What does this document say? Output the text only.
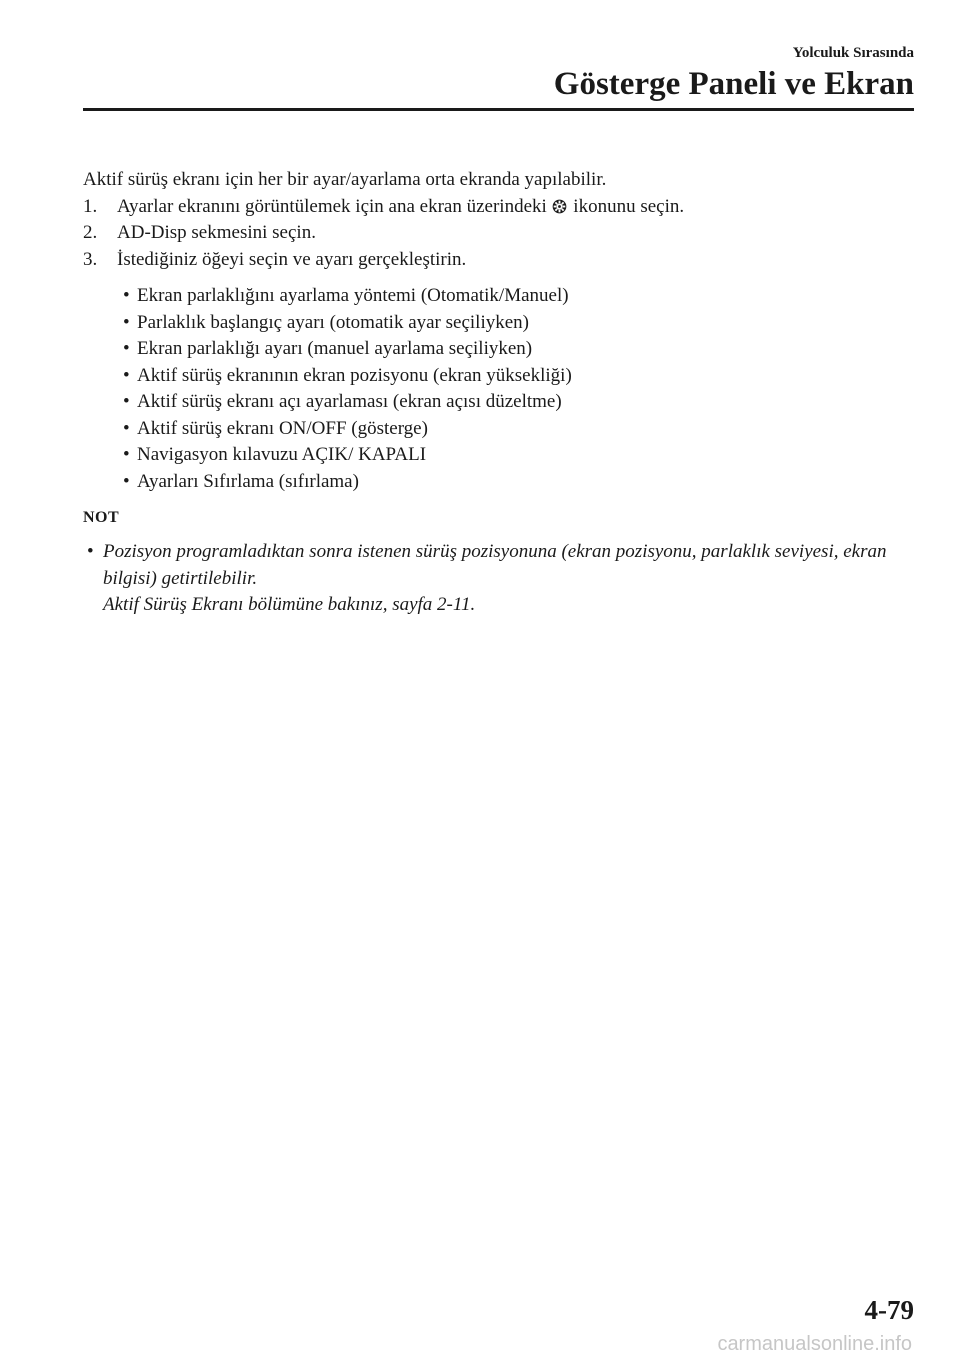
Yolculuk Sırasında
Gösterge Paneli ve Ekran

Aktif sürüş ekranı için her bir ayar/ayarlama orta ekranda yapılabilir.

1. Ayarlar ekranını görüntülemek için ana ekran üzerindeki ikonunu seçin.
2. AD-Disp sekmesini seçin.
3. İstediğiniz öğeyi seçin ve ayarı gerçekleştirin.
• Ekran parlaklığını ayarlama yöntemi (Otomatik/Manuel)
• Parlaklık başlangıç ayarı (otomatik ayar seçiliyken)
• Ekran parlaklığı ayarı (manuel ayarlama seçiliyken)
• Aktif sürüş ekranının ekran pozisyonu (ekran yüksekliği)
• Aktif sürüş ekranı açı ayarlaması (ekran açısı düzeltme)
• Aktif sürüş ekranı ON/OFF (gösterge)
• Navigasyon kılavuzu AÇIK/ KAPALI
• Ayarları Sıfırlama (sıfırlama)
NOT
• Pozisyon programladıktan sonra istenen sürüş pozisyonuna (ekran pozisyonu, parlaklık seviyesi, ekran bilgisi) getirtilebilir.
Aktif Sürüş Ekranı bölümüne bakınız, sayfa 2-11.
4-79
carmanualsonline.info
